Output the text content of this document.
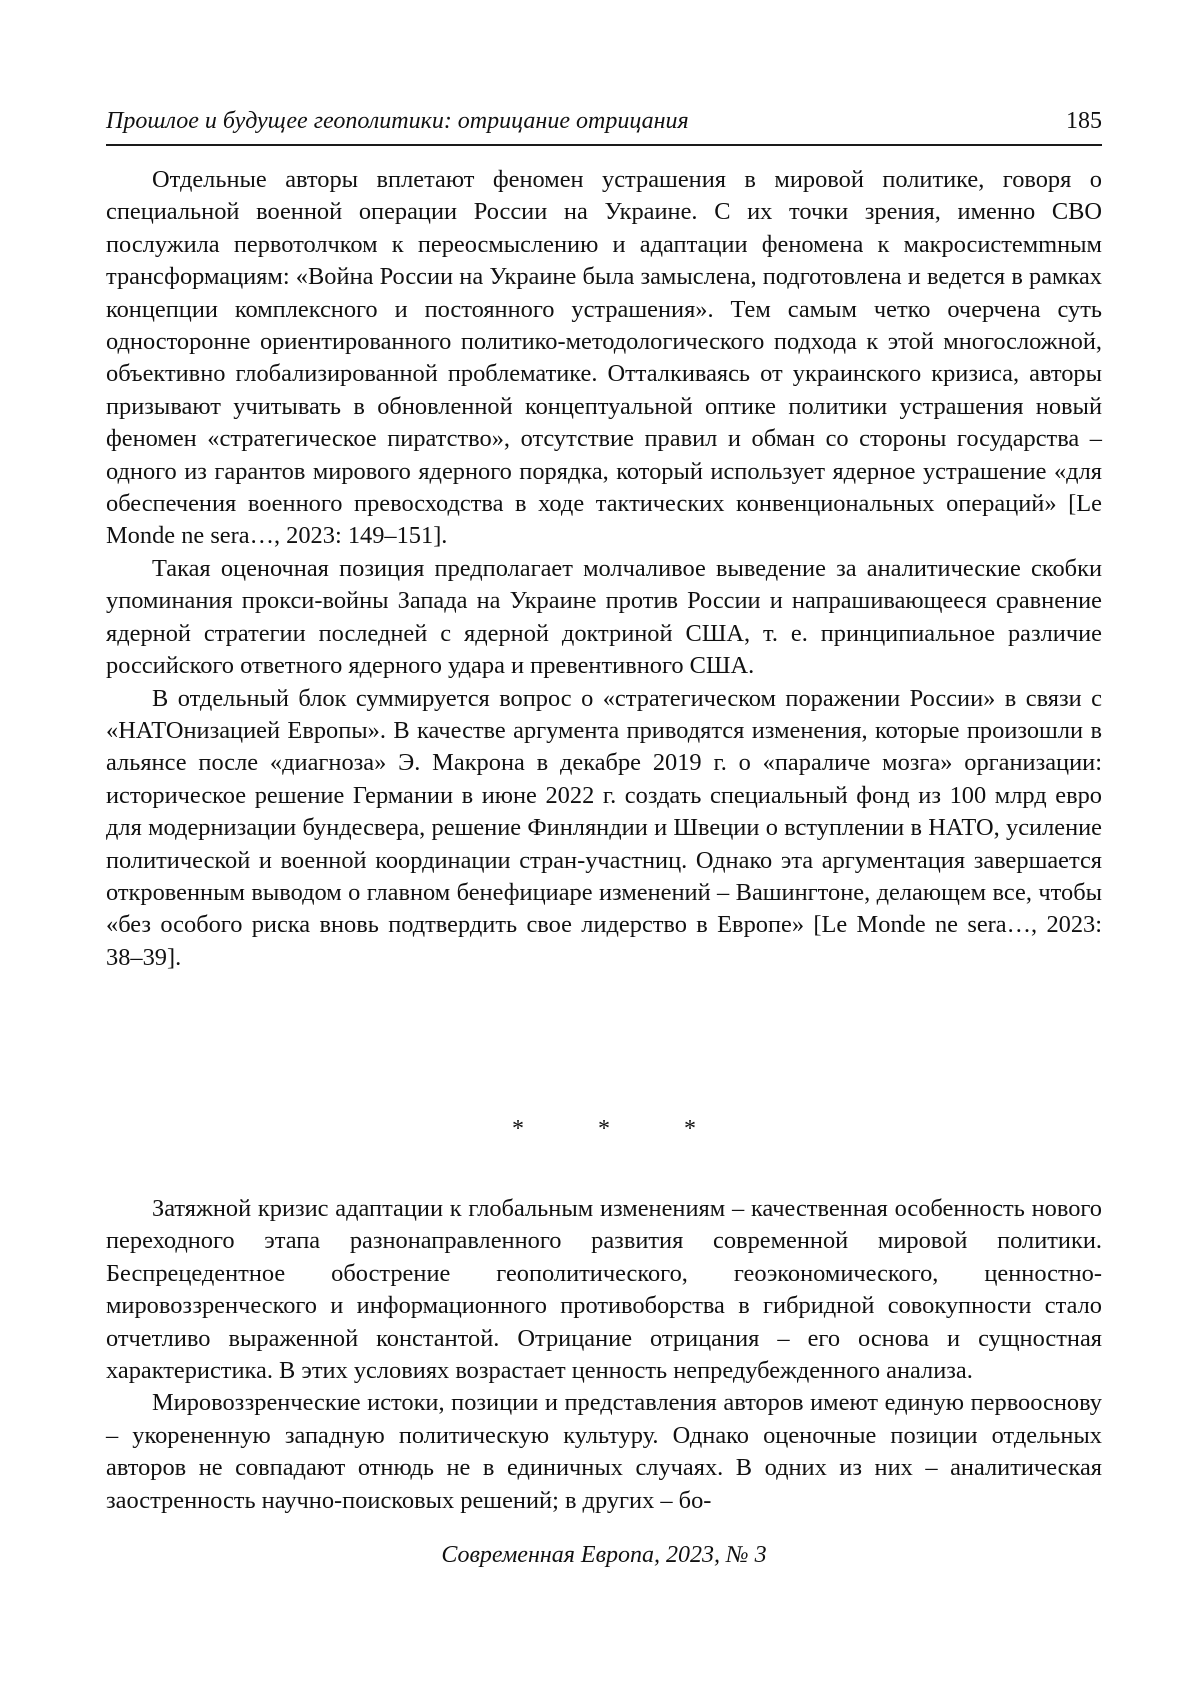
Прошлое и будущее геополитики: отрицание отрицания	185

Отдельные авторы вплетают феномен устрашения в мировой политике, говоря о специальной военной операции России на Украине. С их точки зрения, именно СВО послужила первотолчком к переосмыслению и адаптации феномена к макросистемmным трансформациям: «Война России на Украине была замыслена, подготовлена и ведется в рамках концепции комплексного и постоянного устрашения». Тем самым четко очерчена суть односторонне ориентированного политико-методологического подхода к этой многосложной, объективно глобализированной проблематике. Отталкиваясь от украинского кризиса, авторы призывают учитывать в обновленной концептуальной оптике политики устрашения новый феномен «стратегическое пиратство», отсутствие правил и обман со стороны государства – одного из гарантов мирового ядерного порядка, который использует ядерное устрашение «для обеспечения военного превосходства в ходе тактических конвенциональных операций» [Le Monde ne sera…, 2023: 149–151].

Такая оценочная позиция предполагает молчаливое выведение за аналитические скобки упоминания прокси-войны Запада на Украине против России и напрашивающееся сравнение ядерной стратегии последней с ядерной доктриной США, т. е. принципиальное различие российского ответного ядерного удара и превентивного США.

В отдельный блок суммируется вопрос о «стратегическом поражении России» в связи с «НАТОнизацией Европы». В качестве аргумента приводятся изменения, которые произошли в альянсе после «диагноза» Э. Макрона в декабре 2019 г. о «параличе мозга» организации: историческое решение Германии в июне 2022 г. создать специальный фонд из 100 млрд евро для модернизации бундесвера, решение Финляндии и Швеции о вступлении в НАТО, усиление политической и военной координации стран-участниц. Однако эта аргументация завершается откровенным выводом о главном бенефициаре изменений – Вашингтоне, делающем все, чтобы «без особого риска вновь подтвердить свое лидерство в Европе» [Le Monde ne sera…, 2023: 38–39].

*	*	*

Затяжной кризис адаптации к глобальным изменениям – качественная особенность нового переходного этапа разнонаправленного развития современной мировой политики. Беспрецедентное обострение геополитического, геоэкономического, ценностно-мировоззренческого и информационного противоборства в гибридной совокупности стало отчетливо выраженной константой. Отрицание отрицания – его основа и сущностная характеристика. В этих условиях возрастает ценность непредубежденного анализа.

Мировоззренческие истоки, позиции и представления авторов имеют единую первооснову – укорененную западную политическую культуру. Однако оценочные позиции отдельных авторов не совпадают отнюдь не в единичных случаях. В одних из них – аналитическая заостренность научно-поисковых решений; в других – бо-

Современная Европа, 2023, № 3
